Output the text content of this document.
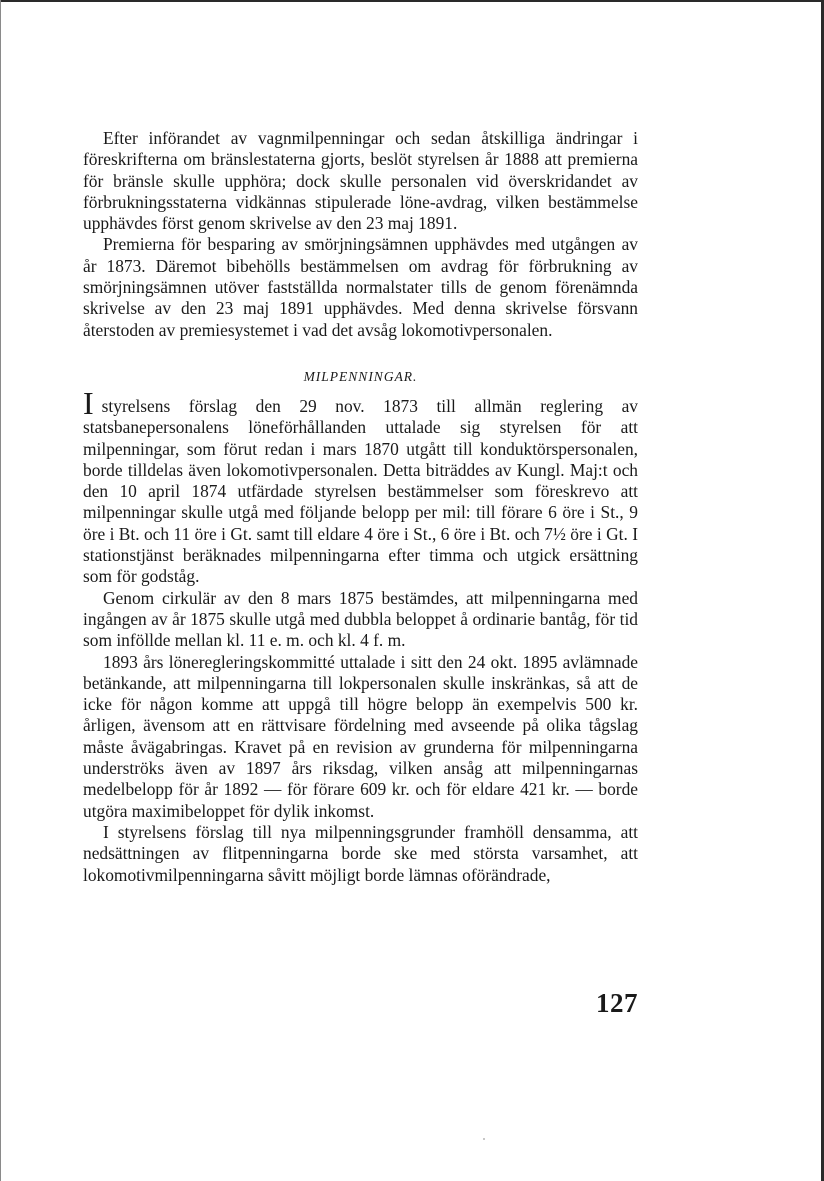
Efter införandet av vagnmilpenningar och sedan åtskilliga ändringar i föreskrifterna om bränslestaterna gjorts, beslöt styrelsen år 1888 att premierna för bränsle skulle upphöra; dock skulle personalen vid överskridandet av förbrukningsstaterna vidkännas stipulerade löne-avdrag, vilken bestämmelse upphävdes först genom skrivelse av den 23 maj 1891.

Premierna för besparing av smörjningsämnen upphävdes med utgången av år 1873. Däremot bibehölls bestämmelsen om avdrag för förbrukning av smörjningsämnen utöver fastställda normalstater tills de genom förenämnda skrivelse av den 23 maj 1891 upphävdes. Med denna skrivelse försvann återstoden av premiesystemet i vad det avsåg lokomotivpersonalen.

MILPENNINGAR.

Istyrelsens förslag den 29 nov. 1873 till allmän reglering av statsbanepersonalens löneförhållanden uttalade sig styrelsen för att milpenningar, som förut redan i mars 1870 utgått till konduktörspersonalen, borde tilldelas även lokomotivpersonalen. Detta biträddes av Kungl. Maj:t och den 10 april 1874 utfärdade styrelsen bestämmelser som föreskrevo att milpenningar skulle utgå med följande belopp per mil: till förare 6 öre i St., 9 öre i Bt. och 11 öre i Gt. samt till eldare 4 öre i St., 6 öre i Bt. och 7½ öre i Gt. I stationstjänst beräknades milpenningarna efter timma och utgick ersättning som för godståg.

Genom cirkulär av den 8 mars 1875 bestämdes, att milpenningarna med ingången av år 1875 skulle utgå med dubbla beloppet å ordinarie bantåg, för tid som inföllde mellan kl. 11 e. m. och kl. 4 f. m.

1893 års löneregleringskommitté uttalade i sitt den 24 okt. 1895 avlämnade betänkande, att milpenningarna till lokpersonalen skulle inskränkas, så att de icke för någon komme att uppgå till högre belopp än exempelvis 500 kr. årligen, ävensom att en rättvisare fördelning med avseende på olika tågslag måste åvägabringas. Kravet på en revision av grunderna för milpenningarna underströks även av 1897 års riksdag, vilken ansåg att milpenningarnas medelbelopp för år 1892 — för förare 609 kr. och för eldare 421 kr. — borde utgöra maximibeloppet för dylik inkomst.

I styrelsens förslag till nya milpenningsgrunder framhöll densamma, att nedsättningen av flitpenningarna borde ske med största varsamhet, att lokomotivmilpenningarna såvitt möjligt borde lämnas oförändrade,

127
